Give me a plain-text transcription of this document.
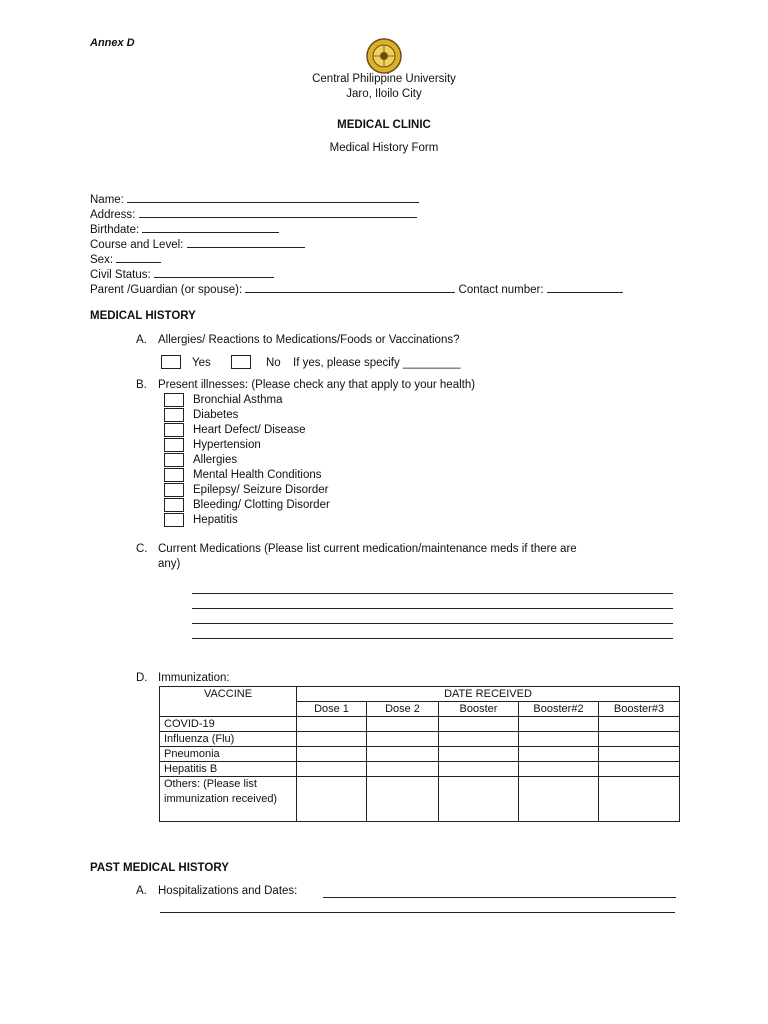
Annex D
Central Philippine University
Jaro, Iloilo City
MEDICAL CLINIC
Medical History Form
Name:
Address:
Birthdate:
Course and Level:
Sex:
Civil Status:
Parent /Guardian (or spouse):	Contact number:
MEDICAL HISTORY
A. Allergies/ Reactions to Medications/Foods or Vaccinations?
Yes	No If yes, please specify _________
B. Present illnesses: (Please check any that apply to your health)
Bronchial Asthma
Diabetes
Heart Defect/ Disease
Hypertension
Allergies
Mental Health Conditions
Epilepsy/ Seizure Disorder
Bleeding/ Clotting Disorder
Hepatitis
C. Current Medications (Please list current medication/maintenance meds if there are
any)
D. Immunization:
VACCINE	DATE RECEIVED				
	Dose 1	Dose 2	Booster	Booster#2	Booster#3
COVID-19					
Influenza (Flu)					
Pneumonia					
Hepatitis B					
Others: (Please list immunization received)					
PAST MEDICAL HISTORY
A. Hospitalizations and Dates:
